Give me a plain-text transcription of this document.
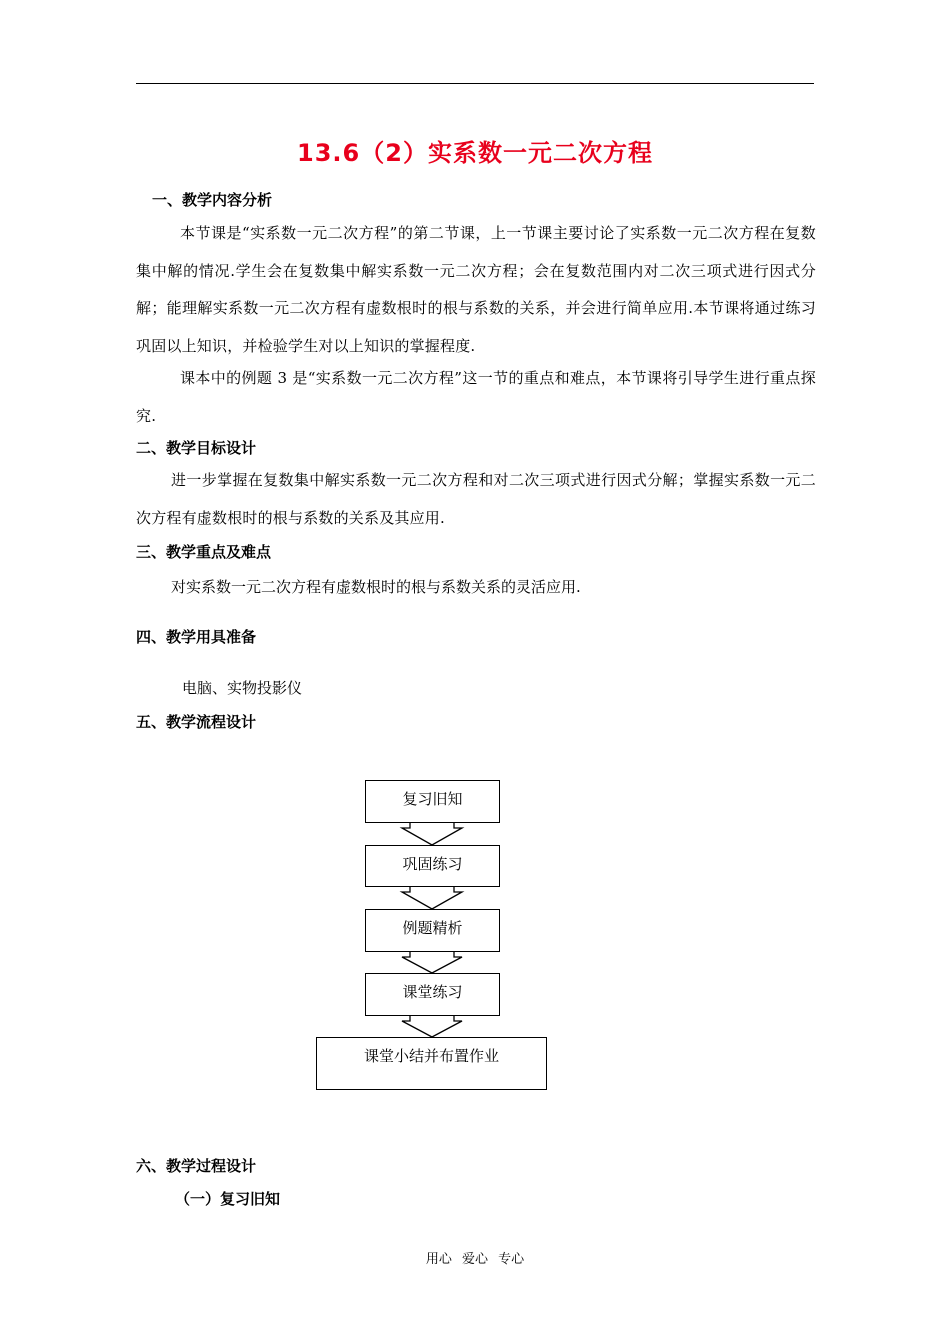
13.6（2）实系数一元二次方程
一、教学内容分析
本节课是“实系数一元二次方程”的第二节课，上一节课主要讨论了实系数一元二次方程在复数集中解的情况.学生会在复数集中解实系数一元二次方程；会在复数范围内对二次三项式进行因式分解；能理解实系数一元二次方程有虚数根时的根与系数的关系，并会进行简单应用.本节课将通过练习巩固以上知识，并检验学生对以上知识的掌握程度.
课本中的例题 3 是“实系数一元二次方程”这一节的重点和难点，本节课将引导学生进行重点探究.
二、教学目标设计
进一步掌握在复数集中解实系数一元二次方程和对二次三项式进行因式分解；掌握实系数一元二次方程有虚数根时的根与系数的关系及其应用.
三、教学重点及难点
对实系数一元二次方程有虚数根时的根与系数关系的灵活应用.
四、教学用具准备
电脑、实物投影仪
五、教学流程设计
复习旧知
巩固练习
例题精析
课堂练习
课堂小结并布置作业
六、教学过程设计
（一）复习旧知
用心 爱心 专心
